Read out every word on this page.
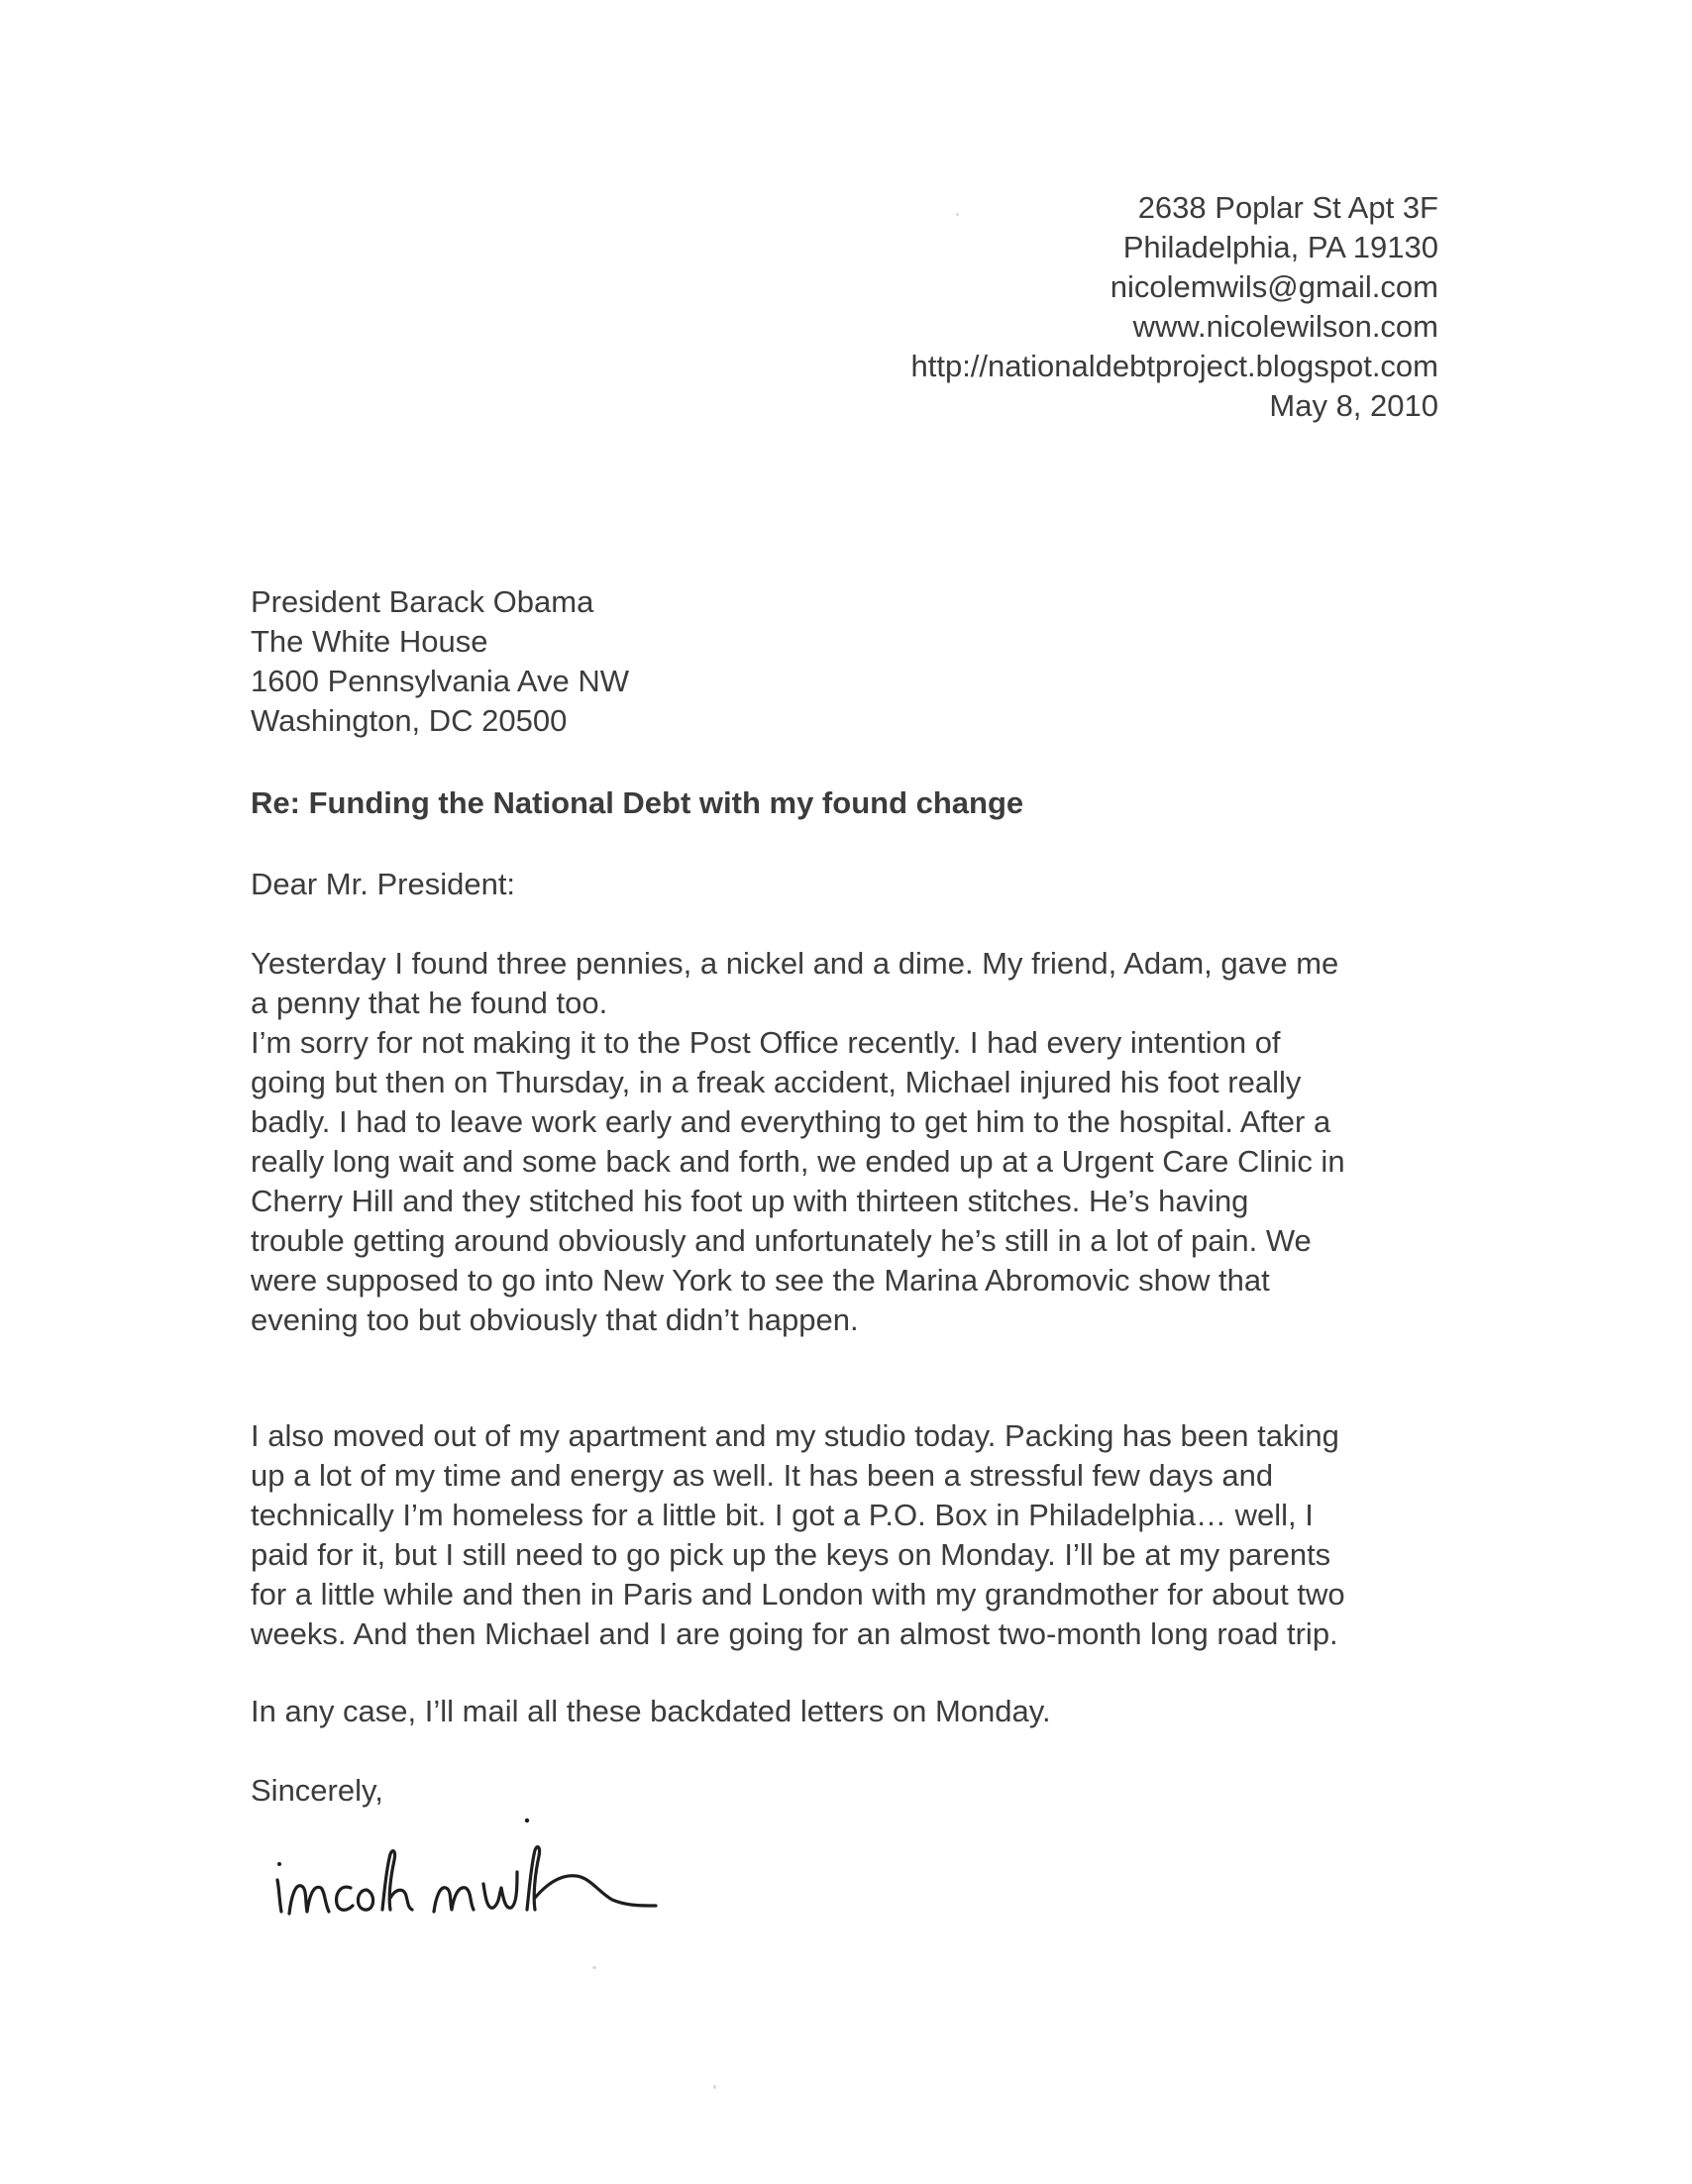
2638 Poplar St Apt 3F
Philadelphia, PA 19130
nicolemwils@gmail.com
www.nicolewilson.com
http://nationaldebtproject.blogspot.com
May 8, 2010
President Barack Obama
The White House
1600 Pennsylvania Ave NW
Washington, DC 20500
Re: Funding the National Debt with my found change
Dear Mr. President:
Yesterday I found three pennies, a nickel and a dime. My friend, Adam, gave me
a penny that he found too.
I’m sorry for not making it to the Post Office recently. I had every intention of
going but then on Thursday, in a freak accident, Michael injured his foot really
badly. I had to leave work early and everything to get him to the hospital. After a
really long wait and some back and forth, we ended up at a Urgent Care Clinic in
Cherry Hill and they stitched his foot up with thirteen stitches. He’s having
trouble getting around obviously and unfortunately he’s still in a lot of pain. We
were supposed to go into New York to see the Marina Abromovic show that
evening too but obviously that didn’t happen.
I also moved out of my apartment and my studio today. Packing has been taking
up a lot of my time and energy as well. It has been a stressful few days and
technically I’m homeless for a little bit. I got a P.O. Box in Philadelphia… well, I
paid for it, but I still need to go pick up the keys on Monday. I’ll be at my parents
for a little while and then in Paris and London with my grandmother for about two
weeks. And then Michael and I are going for an almost two-month long road trip.
In any case, I’ll mail all these backdated letters on Monday.
Sincerely,
